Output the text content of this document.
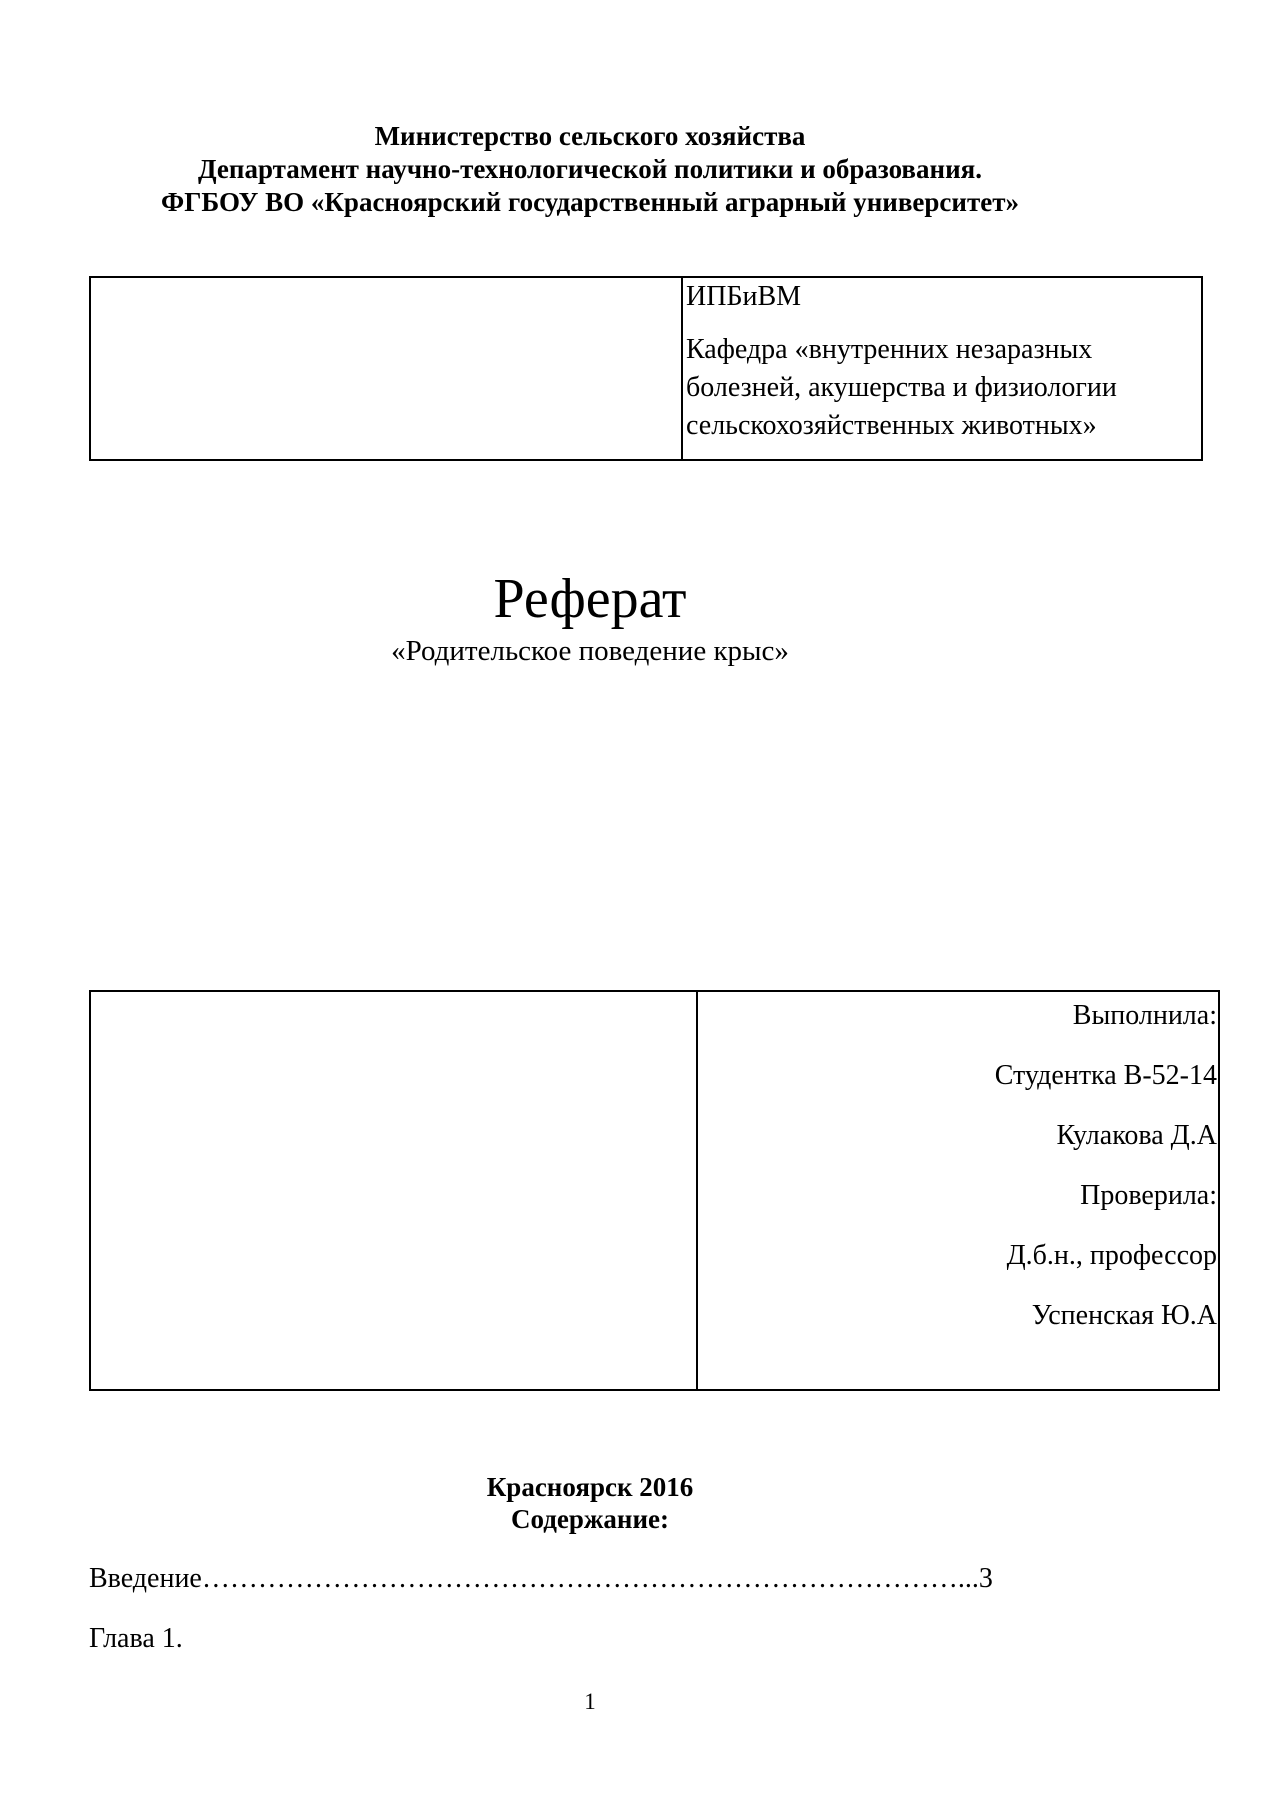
Министерство сельского хозяйства
Департамент научно-технологической политики и образования.
ФГБОУ ВО «Красноярский государственный аграрный университет»
ИПБиВМ
Кафедра «внутренних незаразных болезней, акушерства и физиологии сельскохозяйственных животных»
Реферат
«Родительское поведение крыс»
Выполнила:
Студентка В-52-14
Кулакова Д.А
Проверила:
Д.б.н., профессор
Успенская Ю.А
Красноярск 2016
Содержание:
Введение………………………………………………………………………...3
Глава 1.
1
